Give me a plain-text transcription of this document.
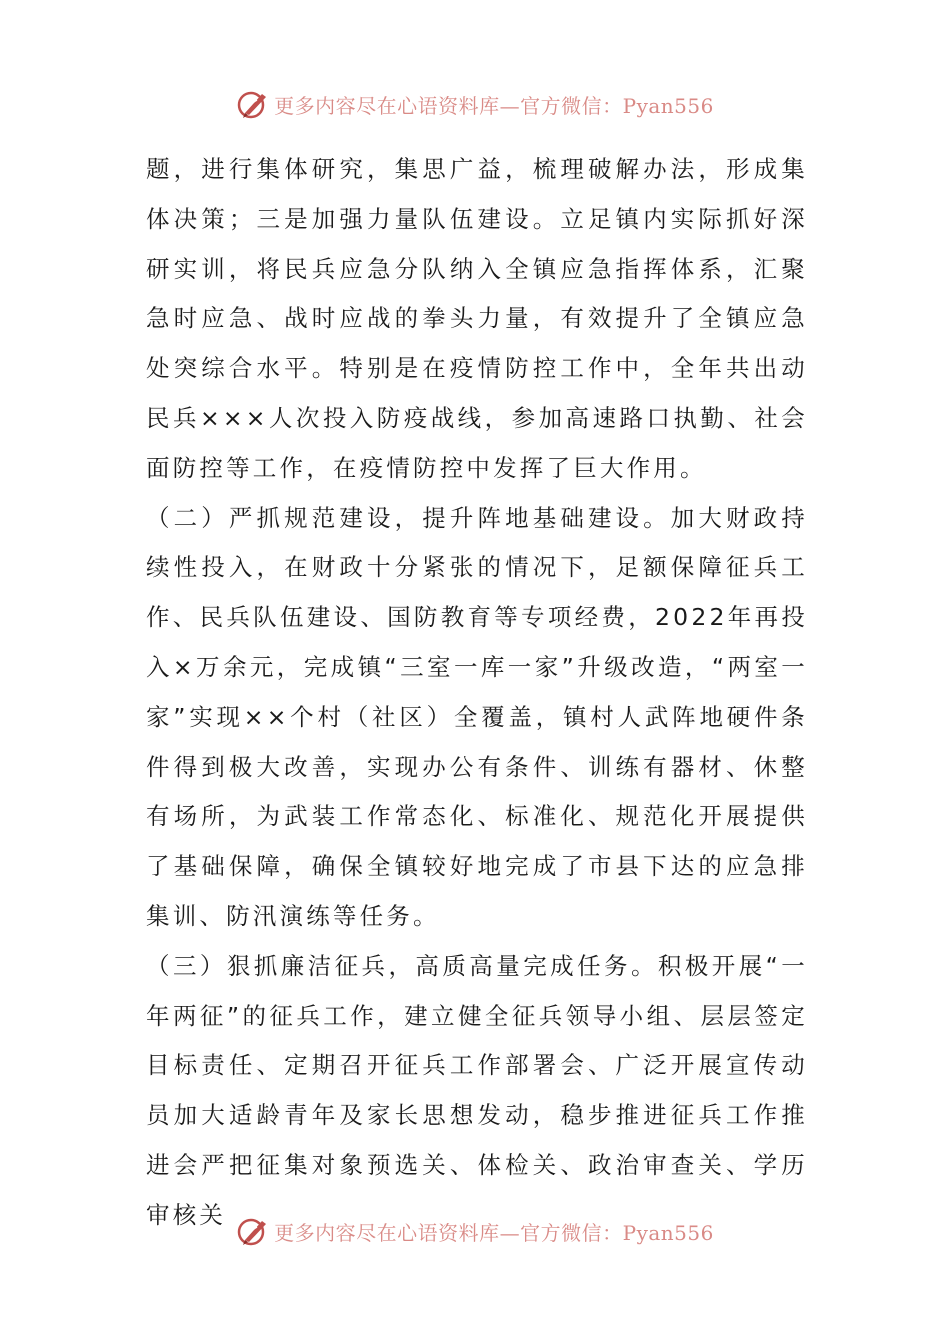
更多内容尽在心语资料库—官方微信：Pyan556

题，进行集体研究，集思广益，梳理破解办法，形成集体决策；三是加强力量队伍建设。立足镇内实际抓好深研实训，将民兵应急分队纳入全镇应急指挥体系，汇聚急时应急、战时应战的拳头力量，有效提升了全镇应急处突综合水平。特别是在疫情防控工作中，全年共出动民兵×××人次投入防疫战线，参加高速路口执勤、社会面防控等工作，在疫情防控中发挥了巨大作用。

（二）严抓规范建设，提升阵地基础建设。加大财政持续性投入，在财政十分紧张的情况下，足额保障征兵工作、民兵队伍建设、国防教育等专项经费，2022年再投入×万余元，完成镇“三室一库一家”升级改造，“两室一家”实现××个村（社区）全覆盖，镇村人武阵地硬件条件得到极大改善，实现办公有条件、训练有器材、休整有场所，为武装工作常态化、标准化、规范化开展提供了基础保障，确保全镇较好地完成了市县下达的应急排集训、防汛演练等任务。

（三）狠抓廉洁征兵，高质高量完成任务。积极开展“一年两征”的征兵工作，建立健全征兵领导小组、层层签定目标责任、定期召开征兵工作部署会、广泛开展宣传动员加大适龄青年及家长思想发动，稳步推进征兵工作推进会严把征集对象预选关、体检关、政治审查关、学历审核关

更多内容尽在心语资料库—官方微信：Pyan556
